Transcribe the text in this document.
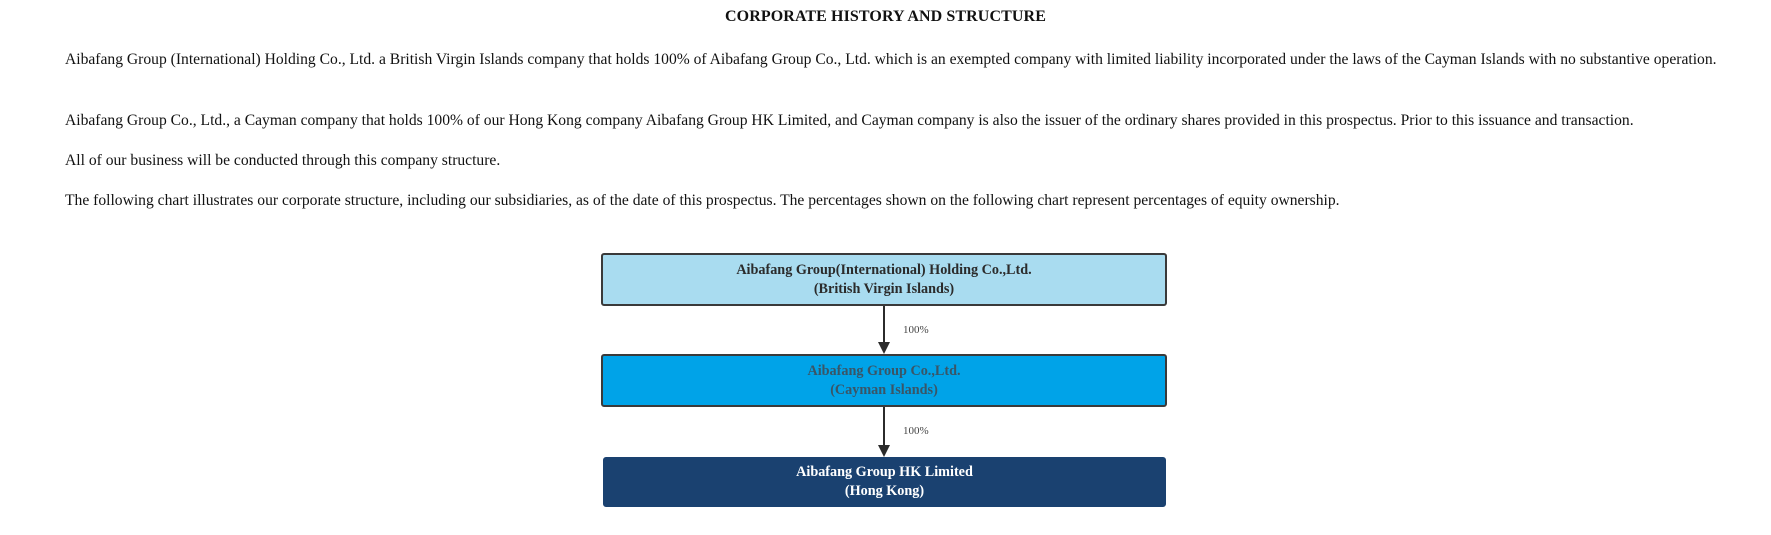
CORPORATE HISTORY AND STRUCTURE

Aibafang Group (International) Holding Co., Ltd. a British Virgin Islands company that holds 100% of Aibafang Group Co., Ltd. which is an exempted company with limited liability incorporated under the laws of the Cayman Islands with no substantive operation.

Aibafang Group Co., Ltd., a Cayman company that holds 100% of our Hong Kong company Aibafang Group HK Limited, and Cayman company is also the issuer of the ordinary shares provided in this prospectus. Prior to this issuance and transaction.

All of our business will be conducted through this company structure.

The following chart illustrates our corporate structure, including our subsidiaries, as of the date of this prospectus. The percentages shown on the following chart represent percentages of equity ownership.

Aibafang Group(International) Holding Co.,Ltd.
(British Virgin Islands)
100%
Aibafang Group Co.,Ltd.
(Cayman Islands)
100%
Aibafang Group HK Limited
(Hong Kong)
